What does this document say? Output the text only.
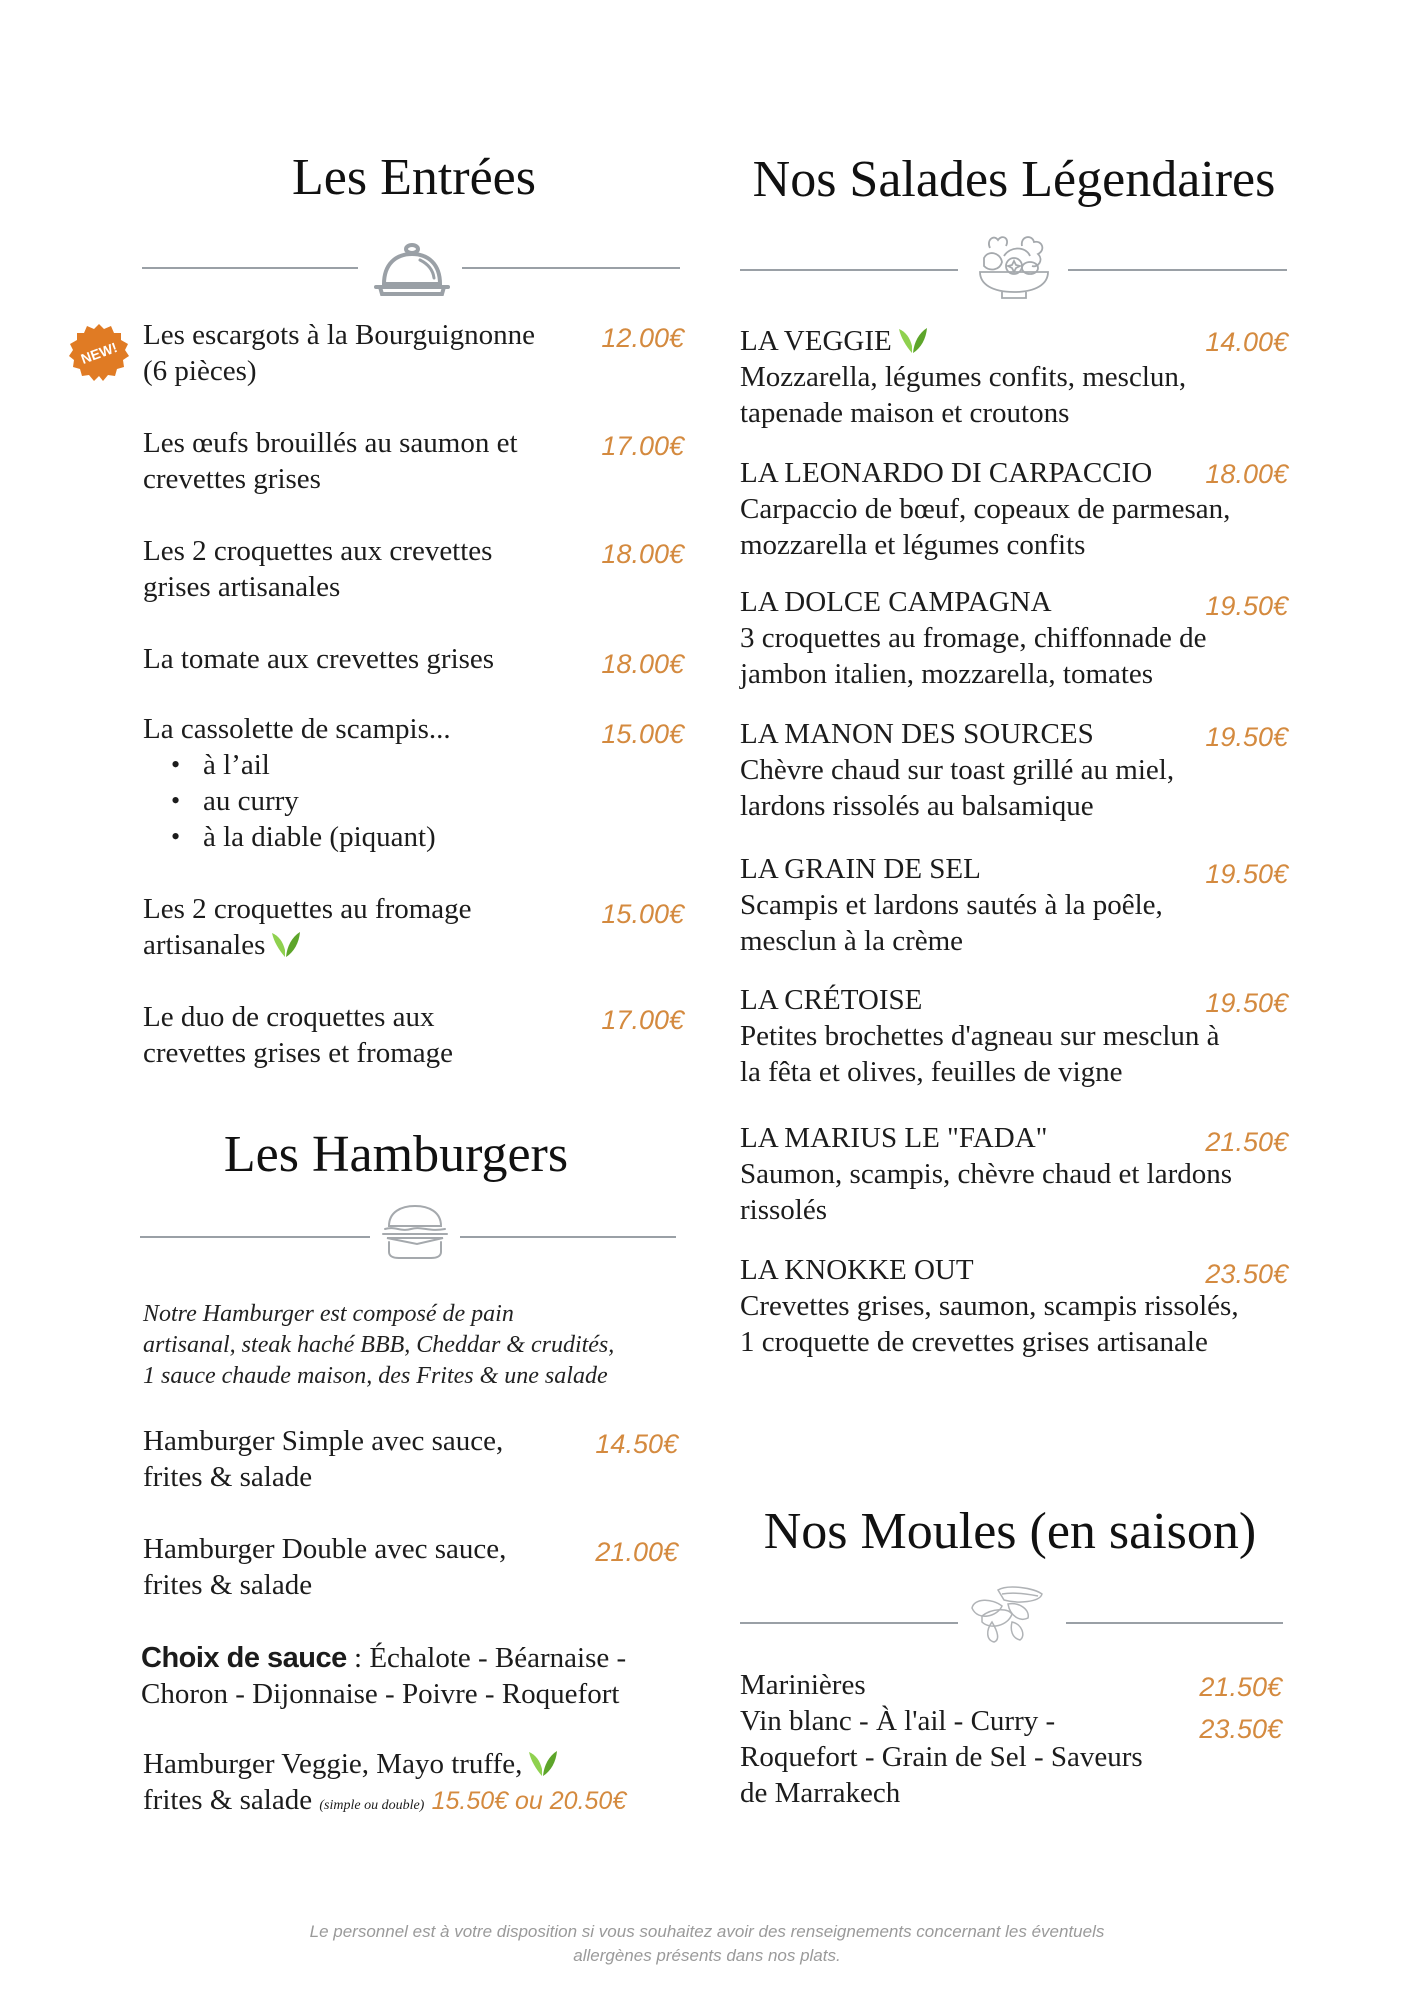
Les Entrées
NEW!
Les escargots à la Bourguignonne
(6 pièces)
12.00€
Les œufs brouillés au saumon et
crevettes grises
17.00€
Les 2 croquettes aux crevettes
grises artisanales
18.00€
La tomate aux crevettes grises	18.00€
La cassolette de scampis...
• à l’ail
• au curry
• à la diable (piquant)
15.00€
Les 2 croquettes au fromage
artisanales
15.00€
Le duo de croquettes aux
crevettes grises et fromage
17.00€
Les Hamburgers
Notre Hamburger est composé de pain
artisanal, steak haché BBB, Cheddar & crudités,
1 sauce chaude maison, des Frites & une salade
Hamburger Simple avec sauce,
frites & salade
14.50€
Hamburger Double avec sauce,
frites & salade
21.00€
Choix de sauce : Échalote - Béarnaise -
Choron - Dijonnaise - Poivre - Roquefort
Hamburger Veggie, Mayo truffe,
frites & salade (simple ou double) 15.50€ ou 20.50€
Nos Salades Légendaires
LA VEGGIE
Mozzarella, légumes confits, mesclun,
tapenade maison et croutons
14.00€
LA LEONARDO DI CARPACCIO
Carpaccio de bœuf, copeaux de parmesan,
mozzarella et légumes confits
18.00€
LA DOLCE CAMPAGNA
3 croquettes au fromage, chiffonnade de
jambon italien, mozzarella, tomates
19.50€
LA MANON DES SOURCES
Chèvre chaud sur toast grillé au miel,
lardons rissolés au balsamique
19.50€
LA GRAIN DE SEL
Scampis et lardons sautés à la poêle,
mesclun à la crème
19.50€
LA CRÉTOISE
Petites brochettes d'agneau sur mesclun à
la fêta et olives, feuilles de vigne
19.50€
LA MARIUS LE "FADA"
Saumon, scampis, chèvre chaud et lardons
rissolés
21.50€
LA KNOKKE OUT
Crevettes grises, saumon, scampis rissolés,
1 croquette de crevettes grises artisanale
23.50€
Nos Moules (en saison)
Marinières
Vin blanc - À l'ail - Curry -
Roquefort - Grain de Sel - Saveurs
de Marrakech
21.50€
23.50€
Le personnel est à votre disposition si vous souhaitez avoir des renseignements concernant les éventuels
allergènes présents dans nos plats.
